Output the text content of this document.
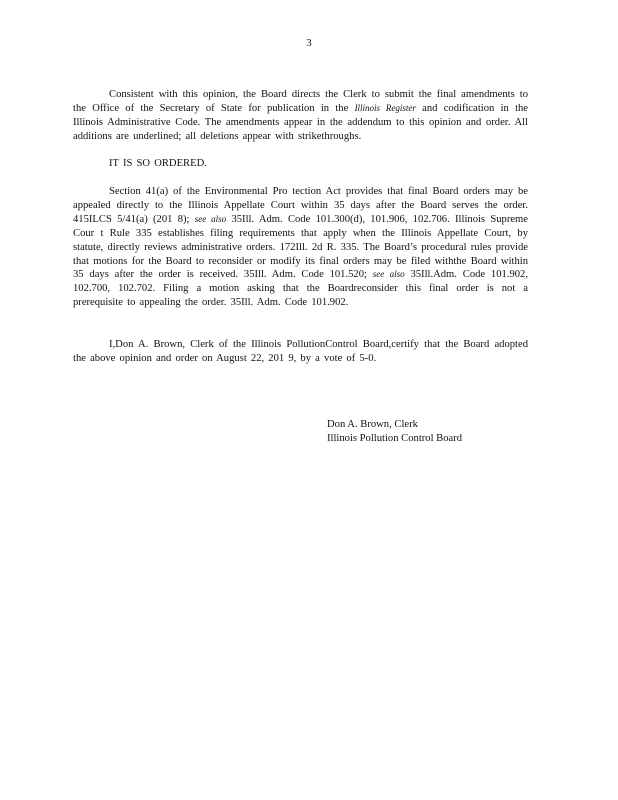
3
Consistent with this opinion, the Board directs the Clerk to submit the final amendments to the Office of the Secretary of State for publication in the Illinois Register and codification in the Illinois Administrative Code. The amendments appear in the addendum to this opinion and order. All additions are underlined; all deletions appear with strikethroughs.
IT IS SO ORDERED.
Section 41(a) of the Environmental Pro tection Act provides that final Board orders may be appealed directly to the Illinois Appellate Court within 35 days after the Board serves the order. 415ILCS 5/41(a) (201 8); see also 35Ill. Adm. Code 101.300(d), 101.906, 102.706. Illinois Supreme Cour t Rule 335 establishes filing requirements that apply when the Illinois Appellate Court, by statute, directly reviews administrative orders. 172Ill. 2d R. 335. The Board’s procedural rules provide that motions for the Board to reconsider or modify its final orders may be filed withthe Board within 35 days after the order is received. 35Ill. Adm. Code 101.520; see also 35Ill.Adm. Code 101.902, 102.700, 102.702. Filing a motion asking that the Boardreconsider this final order is not a prerequisite to appealing the order. 35Ill. Adm. Code 101.902.
I,Don A. Brown, Clerk of the Illinois PollutionControl Board,certify that the Board adopted the above opinion and order on August 22, 201 9, by a vote of 5-0.
Don A. Brown, Clerk
Illinois Pollution Control Board
